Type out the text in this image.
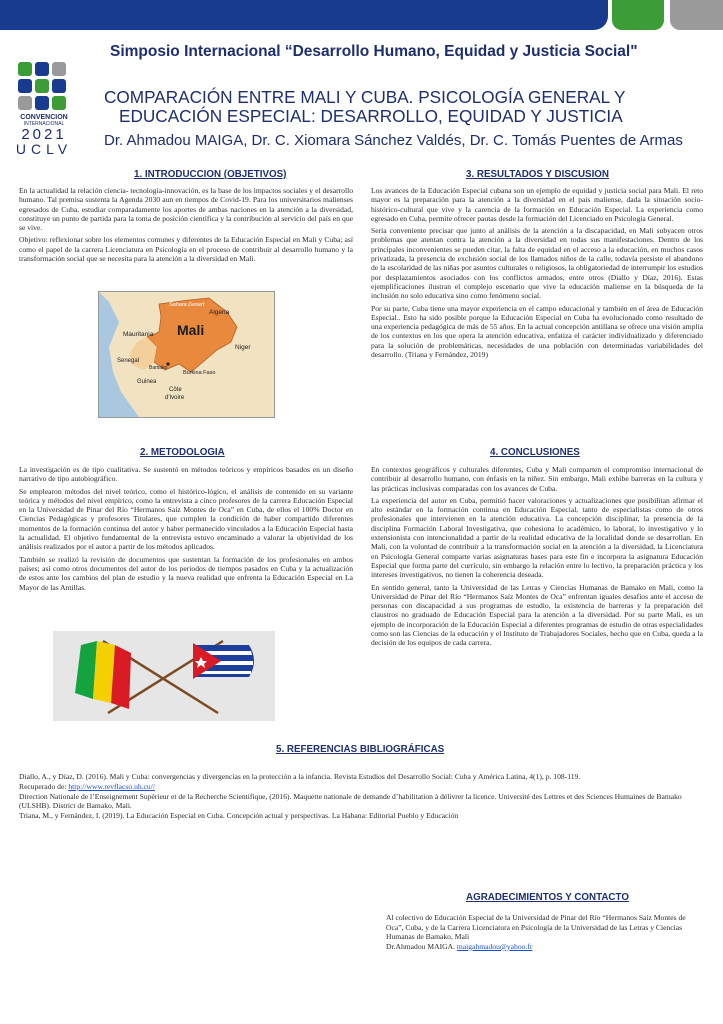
Simposio Internacional “Desarrollo Humano, Equidad y Justicia Social"
CONVENCION
INTERNACIONAL
2021
UCLV
COMPARACIÓN ENTRE MALI Y CUBA. PSICOLOGÍA GENERAL Y
EDUCACIÓN ESPECIAL: DESARROLLO, EQUIDAD Y JUSTICIA
Dr. Ahmadou MAIGA, Dr. C. Xiomara Sánchez Valdés, Dr. C. Tomás Puentes de Armas
1. INTRODUCCION (OBJETIVOS)

En la actualidad la relación ciencia- tecnología-innovación, es la base de los impactos sociales y el desarrollo humano. Tal premisa sustenta la Agenda 2030 aun en tiempos de Covid-19. Para los universitarios malienses egresados de Cuba, estudiar comparadamente los aportes de ambas naciones en la atención a la diversidad, constituye un punto de partida para la toma de posición científica y la contribución al servicio del país en que se vive.

Objetivo: reflexionar sobre los elementos comunes y diferentes de la Educación Especial en Mali y Cuba; así como el papel de la carrera Licenciatura en Psicología en el proceso de contribuir al desarrollo humano y la transformación social que se necesita para la atención a la diversidad en Mali.

Algeria
Sahara Desert
Mali
Mauritania
Niger
Senegal
Bamako
Guinea
Burkina Faso
Côte
d'Ivoire
3. RESULTADOS Y DISCUSION

Los avances de la Educación Especial cubana son un ejemplo de equidad y justicia social para Mali. El reto mayor es la preparación para la atención a la diversidad en el país maliense, dada la situación socio-histórico-cultural que vive y la carencia de la formación en Educación Especial. La experiencia como egresado en Cuba, permite ofrecer pautas desde la formación del Licenciado en Psicología General.

Sería conveniente precisar que junto al análisis de la atención a la discapacidad, en Mali subyacen otros problemas que atentan contra la atención a la diversidad en todas sus manifestaciones. Dentro de los principales inconvenientes se pueden citar, la falta de equidad en el acceso a la educación, en muchos casos privatizada, la presencia de exclusión social de los llamados niños de la calle, todavía persiste el abandono de la escolaridad de las niñas por asuntos culturales o religiosos, la obligatoriedad de interrumpir los estudios por desplazamientos asociados con los conflictos armados, entre otros (Diallo y Díaz, 2016). Estas ejemplificaciones ilustran el complejo escenario que vive la educación maliense en la búsqueda de la inclusión no solo educativa sino como fenómeno social.

Por su parte, Cuba tiene una mayor experiencia en el campo educacional y también en el área de Educación Especial.. Esto ha sido posible porque la Educación Especial en Cuba ha evolucionado como resultado de una experiencia pedagógica de más de 55 años. En la actual concepción antillana se ofrece una visión amplia de los contextos en los que opera la atención educativa, enfatiza el carácter individualizado y diferenciado para la solución de problemáticas, necesidades de una población con determinadas variabilidades del desarrollo. (Triana y Fernández, 2019)

2. METODOLOGIA

La investigación es de tipo cualitativa. Se sustentó en métodos teóricos y empíricos basados en un diseño narrativo de tipo autobiográfico.

Se emplearon métodos del nivel teórico, como el histórico-lógico, el análisis de contenido en su variante teórica y métodos del nivel empírico, como la entrevista a cinco profesores de la carrera Educación Especial en la Universidad de Pinar del Río “Hermanos Saíz Montes de Oca” en Cuba, de ellos el 100% Doctor en Ciencias Pedagógicas y profesores Titulares, que cumplen la condición de haber compartido diferentes momentos de la formación continua del autor y haber permanecido vinculados a la Educación Especial hasta la actualidad. El objetivo fundamental de la entrevista estuvo encaminado a valorar la objetividad de los análisis realizados por el autor a partir de los métodos aplicados.

También se realizó la revisión de documentos que sustentan la formación de los profesionales en ambos países; así como otros documentos del autor de los periodos de tiempos pasados en Cuba y la actualización de estos ante los cambios del plan de estudio y la nueva realidad que enfrenta la Educación Especial en La Mayor de las Antillas.

4. CONCLUSIONES

En contextos geográficos y culturales diferentes, Cuba y Mali comparten el compromiso internacional de contribuir al desarrollo humano, con énfasis en la niñez. Sin embargo, Mali exhibe barreras en la cultura y las prácticas inclusivas comparadas con los avances de Cuba.

La experiencia del autor en Cuba, permitió hacer valoraciones y actualizaciones que posibilitan afirmar el alto estándar en la formación continua en Educación Especial, tanto de especialistas como de otros profesionales que intervienen en la atención educativa. La concepción disciplinar, la presencia de la disciplina Formación Laboral Investigativa, que cohesiona lo académico, lo laboral, lo investigativo y lo extensionista con intencionalidad a partir de la realidad educativa de la localidad donde se desarrollan. En Mali, con la voluntad de contribuir a la transformación social en la atención a la diversidad, la Licenciatura en Psicología General comparte varias asignaturas bases para este fin e incorpora la asignatura Educación Especial que forma parte del currículo, sin embargo la relación entre lo lectivo, la preparación práctica y los intereses investigativos, no tienen la coherencia deseada.

En sentido general, tanto la Universidad de las Letras y Ciencias Humanas de Bamako en Mali, como la Universidad de Pinar del Río “Hermanos Saíz Montes de Oca” enfrentan iguales desafíos ante el acceso de personas con discapacidad a sus programas de estudio, la existencia de barreras y la preparación del claustros no graduado de Educación Especial para la atención a la diversidad. Por su parte Mali, es un ejemplo de incorporación de la Educación Especial a diferentes programas de estudio de otras especialidades como son las Ciencias de la educación y el Instituto de Trabajadores Sociales, hecho que en Cuba, queda a la decisión de los equipos de cada carrera.

5. REFERENCIAS BIBLIOGRÁFICAS

Diallo, A., y Díaz, D. (2016). Mali y Cuba: convergencias y divergencias en la protección a la infancia. Revista Estudios del Desarrollo Social: Cuba y América Latina, 4(1), p. 108-119.

Recuperado de: http://www.revflacso.uh.cu//

Direction Nationale de l’Enseignement Supérieur et de la Recherche Scientifique, (2016). Maquette nationale de demande d’habilitation à délivrer la licence. Université des Lettres et des Sciences Humaines de Bamako (ULSHB). District de Bamako, Mali.

Triana, M., y Fernández, I. (2019). La Educación Especial en Cuba. Concepción actual y perspectivas. La Habana: Editorial Pueblo y Educación

AGRADECIMIENTOS Y CONTACTO

Al colectivo de Educación Especial de la Universidad de Pinar del Río “Hermanos Saíz Montes de Oca”, Cuba, y de la Carrera Licenciatura en Psicología de la Universidad de las Letras y Ciencias Humanas de Bamako, Mali

Dr.Ahmadou MAIGA. maigahmadou@yahoo.fr
